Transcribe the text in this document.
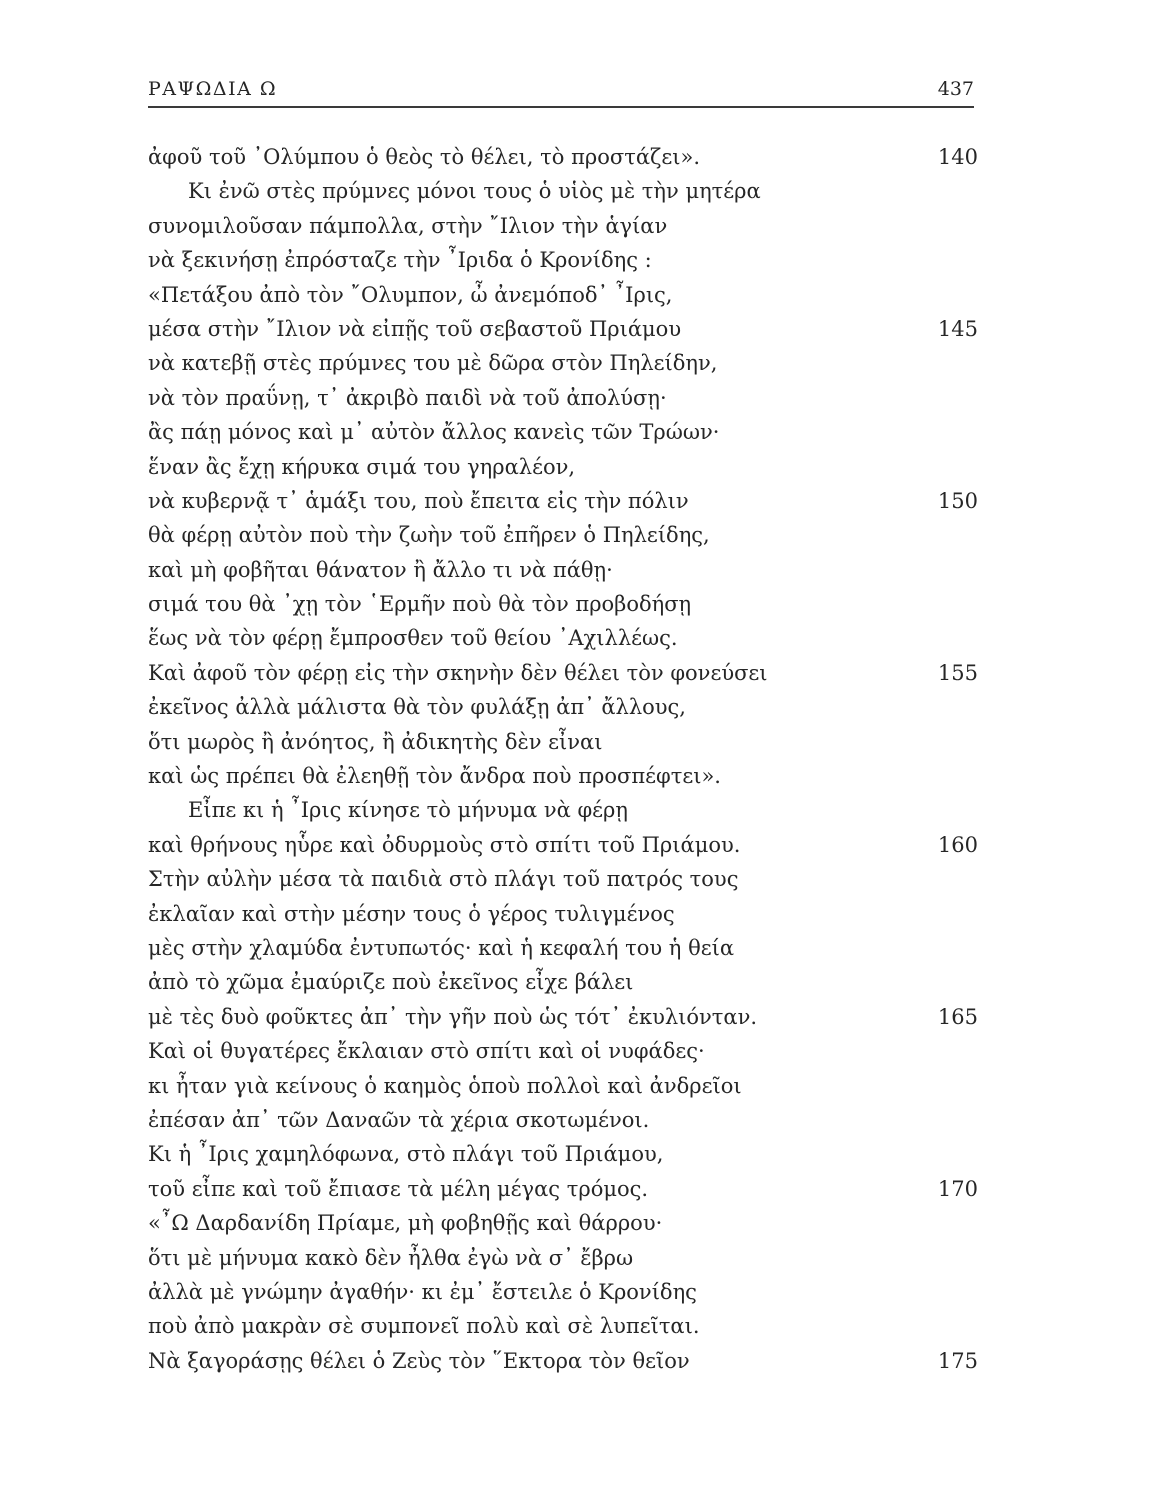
ΡΑΨΩΔΙΑ Ω	437
ἀφοῦ τοῦ ᾿Ολύμπου ὁ θεὸς τὸ θέλει, τὸ προστάζει».	140
Κι ἐνῶ στὲς πρύμνες μόνοι τους ὁ υἱὸς μὲ τὴν μητέρα
συνομιλοῦσαν πάμπολλα, στὴν ῎Ιλιον τὴν ἁγίαν
νὰ ξεκινήσῃ ἐπρόσταζε τὴν ῏Ιριδα ὁ Κρονίδης :
«Πετάξου ἀπὸ τὸν ῎Ολυμπον, ὦ ἀνεμόποδ᾿ ῏Ιρις,
μέσα στὴν ῎Ιλιον νὰ εἰπῇς τοῦ σεβαστοῦ Πριάμου	145
νὰ κατεβῇ στὲς πρύμνες του μὲ δῶρα στὸν Πηλείδην,
νὰ τὸν πραΰνῃ, τ᾿ ἀκριβὸ παιδὶ νὰ τοῦ ἀπολύσῃ·
ἂς πάῃ μόνος καὶ μ᾿ αὐτὸν ἄλλος κανεὶς τῶν Τρώων·
ἕναν ἂς ἔχῃ κήρυκα σιμά του γηραλέον,
νὰ κυβερνᾷ τ᾿ ἁμάξι του, ποὺ ἔπειτα εἰς τὴν πόλιν	150
θὰ φέρῃ αὐτὸν ποὺ τὴν ζωὴν τοῦ ἐπῆρεν ὁ Πηλείδης,
καὶ μὴ φοβῆται θάνατον ἢ ἄλλο τι νὰ πάθῃ·
σιμά του θὰ ᾿χῃ τὸν ῾Ερμῆν ποὺ θὰ τὸν προβοδήσῃ
ἕως νὰ τὸν φέρῃ ἔμπροσθεν τοῦ θείου ᾿Αχιλλέως.
Καὶ ἀφοῦ τὸν φέρῃ εἰς τὴν σκηνὴν δὲν θέλει τὸν φονεύσει	155
ἐκεῖνος ἀλλὰ μάλιστα θὰ τὸν φυλάξῃ ἀπ᾿ ἄλλους,
ὅτι μωρὸς ἢ ἀνόητος, ἢ ἀδικητὴς δὲν εἶναι
καὶ ὡς πρέπει θὰ ἐλεηθῇ τὸν ἄνδρα ποὺ προσπέφτει».
Εἶπε κι ἡ ῏Ιρις κίνησε τὸ μήνυμα νὰ φέρῃ
καὶ θρήνους ηὗρε καὶ ὀδυρμοὺς στὸ σπίτι τοῦ Πριάμου.	160
Στὴν αὐλὴν μέσα τὰ παιδιὰ στὸ πλάγι τοῦ πατρός τους
ἐκλαῖαν καὶ στὴν μέσην τους ὁ γέρος τυλιγμένος
μὲς στὴν χλαμύδα ἐντυπωτός· καὶ ἡ κεφαλή του ἡ θεία
ἀπὸ τὸ χῶμα ἐμαύριζε ποὺ ἐκεῖνος εἶχε βάλει
μὲ τὲς δυὸ φοῦκτες ἀπ᾿ τὴν γῆν ποὺ ὡς τότ᾿ ἐκυλιόνταν.	165
Καὶ οἱ θυγατέρες ἔκλαιαν στὸ σπίτι καὶ οἱ νυφάδες·
κι ἦταν γιὰ κείνους ὁ καημὸς ὁποὺ πολλοὶ καὶ ἀνδρεῖοι
ἐπέσαν ἀπ᾿ τῶν Δαναῶν τὰ χέρια σκοτωμένοι.
Κι ἡ ῏Ιρις χαμηλόφωνα, στὸ πλάγι τοῦ Πριάμου,
τοῦ εἶπε καὶ τοῦ ἔπιασε τὰ μέλη μέγας τρόμος.	170
«῏Ω Δαρδανίδη Πρίαμε, μὴ φοβηθῇς καὶ θάρρου·
ὅτι μὲ μήνυμα κακὸ δὲν ἦλθα ἐγὼ νὰ σ᾿ ἔβρω
ἀλλὰ μὲ γνώμην ἀγαθήν· κι ἐμ᾿ ἔστειλε ὁ Κρονίδης
ποὺ ἀπὸ μακρὰν σὲ συμπονεῖ πολὺ καὶ σὲ λυπεῖται.
Νὰ ξαγοράσῃς θέλει ὁ Ζεὺς τὸν ῞Εκτορα τὸν θεῖον	175
